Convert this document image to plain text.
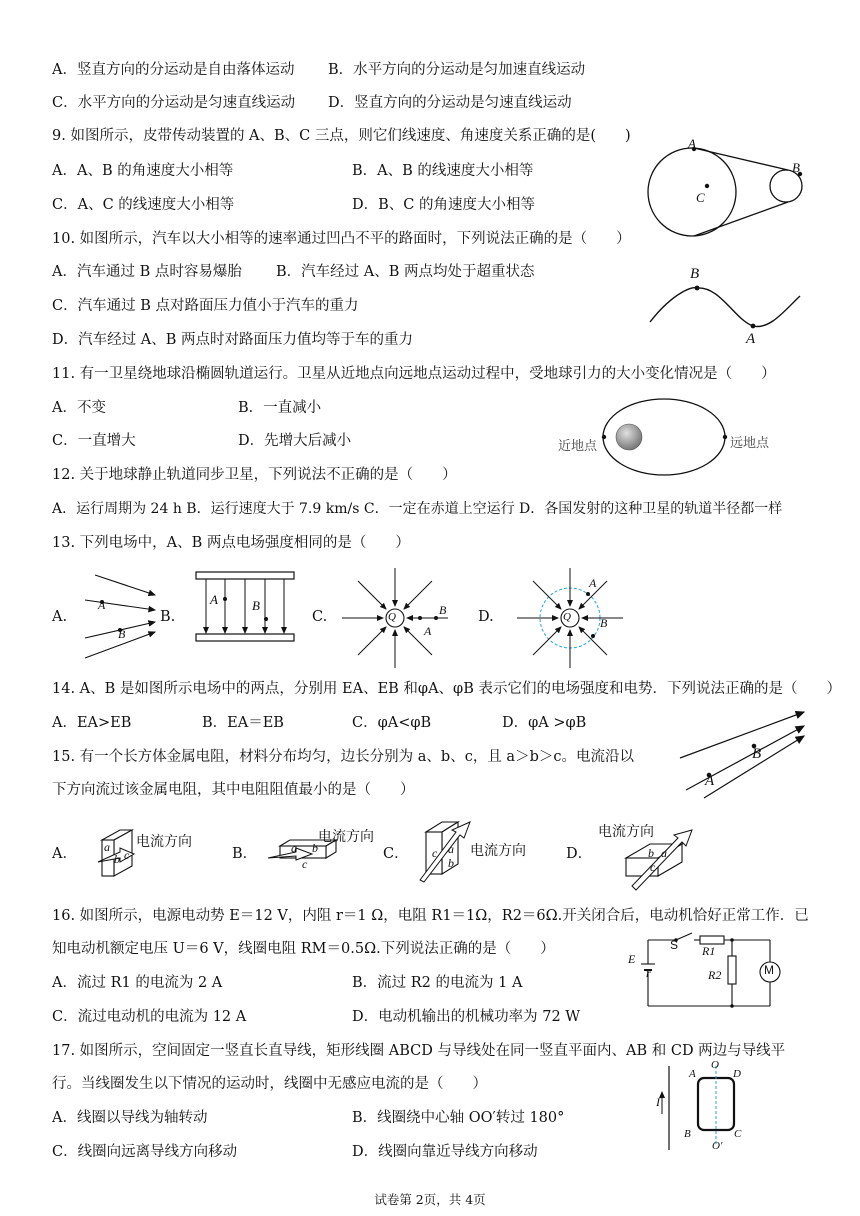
A．竖直方向的分运动是自由落体运动 B．水平方向的分运动是匀加速直线运动
C．水平方向的分运动是匀速直线运动 D．竖直方向的分运动是匀速直线运动
9. 如图所示，皮带传动装置的 A、B、C 三点，则它们线速度、角速度关系正确的是(　　)
A．A、B 的角速度大小相等	B．A、B 的线速度大小相等
C．A、C 的线速度大小相等	D．B、C 的角速度大小相等
A
C
B
10. 如图所示，汽车以大小相等的速率通过凹凸不平的路面时，下列说法正确的是（　　）
A．汽车通过 B 点时容易爆胎 B．汽车经过 A、B 两点均处于超重状态
C．汽车通过 B 点对路面压力值小于汽车的重力
D．汽车经过 A、B 两点时对路面压力值均等于车的重力
B
A
11. 有一卫星绕地球沿椭圆轨道运行。卫星从近地点向远地点运动过程中，受地球引力的大小变化情况是（　　）
A．不变	B．一直减小
C．一直增大	D．先增大后减小	近地点	远地点
12. 关于地球静止轨道同步卫星，下列说法不正确的是（　　）
A．运行周期为 24 h B．运行速度大于 7.9 km/s C．一定在赤道上空运行 D．各国发射的这种卫星的轨道半径都一样
13. 下列电场中，A、B 两点电场强度相同的是（　　）
A.	B.	C.	D.
A
B
A	B
Q
A
B	Q
A
B
14. A、B 是如图所示电场中的两点，分别用 EA、EB 和φA、φB 表示它们的电场强度和电势．下列说法正确的是（　　）
A．EA>EB	B．EA＝EB	C．φA<φB	D．φA >φB
B
A
15. 有一个长方体金属电阻，材料分布均匀，边长分别为 a、b、c，且 a＞b＞c。电流沿以
下方向流过该金属电阻，其中电阻阻值最小的是（　　）
A．	B．	C．	D．
a
b c
电流方向	a b
c
电流方向
c a
b
电流方向	b a
c
电流方向
16. 如图所示，电源电动势 E＝12 V，内阻 r＝1 Ω，电阻 R1＝1Ω，R2＝6Ω.开关闭合后，电动机恰好正常工作．已
知电动机额定电压 U＝6 V，线圈电阻 RM＝0.5Ω.下列说法正确的是（　　）
A．流过 R1 的电流为 2 A	B．流过 R2 的电流为 1 A
C．流过电动机的电流为 12 A	D．电动机输出的机械功率为 72 W
E
r
S R1
R2	M
17. 如图所示，空间固定一竖直长直导线，矩形线圈 ABCD 与导线处在同一竖直平面内、AB 和 CD 两边与导线平
行。当线圈发生以下情况的运动时，线圈中无感应电流的是（　　）
A．线圈以导线为轴转动	B．线圈绕中心轴 OO′转过 180°
C．线圈向远离导线方向移动	D．线圈向靠近导线方向移动
I
A
O
D
B	C
O′
试卷第 2页，共 4页
